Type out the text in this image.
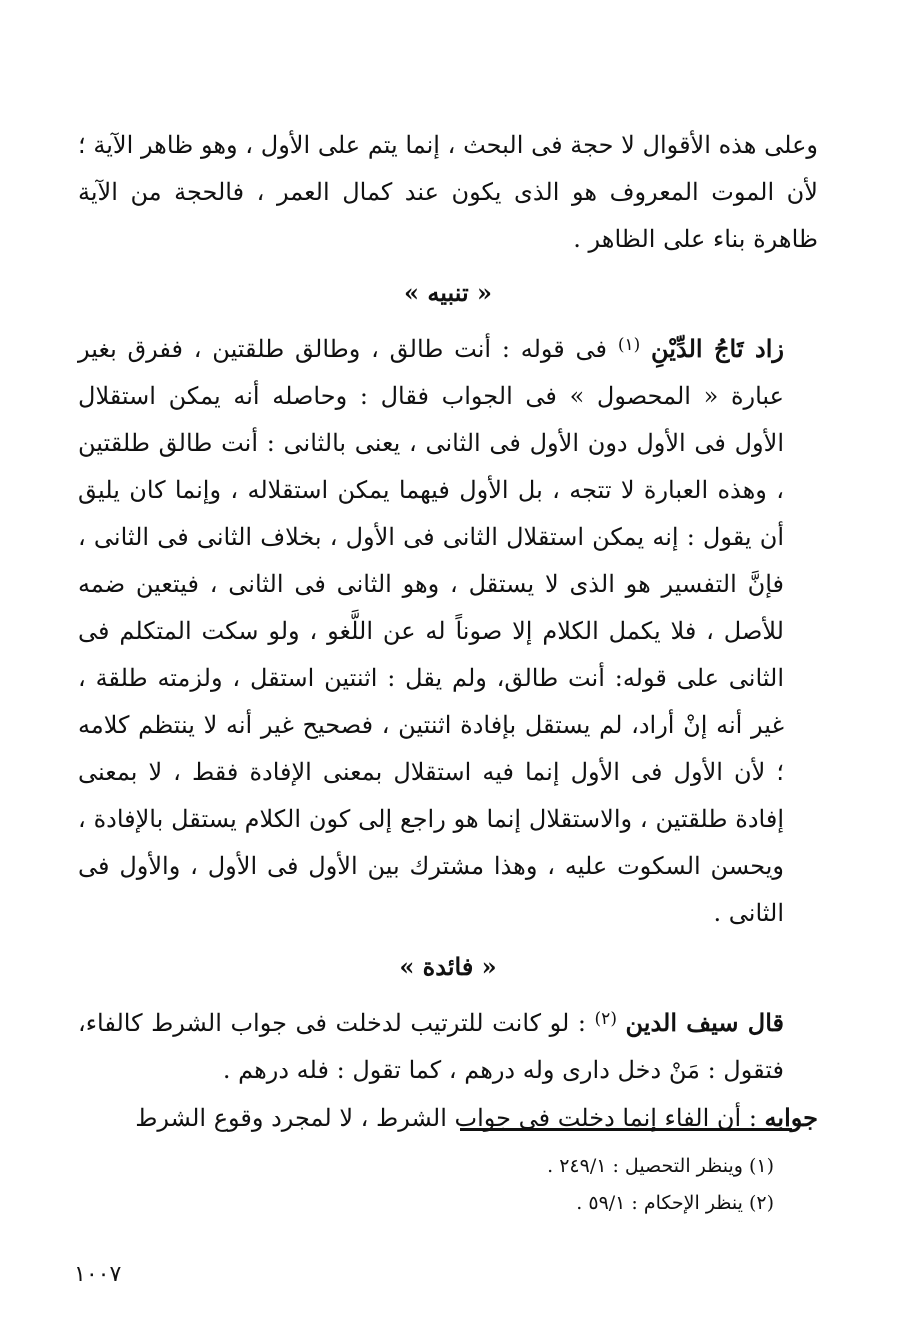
وعلى هذه الأقوال لا حجة فى البحث ، إنما يتم على الأول ، وهو ظاهر الآية ؛ لأن الموت المعروف هو الذى يكون عند كمال العمر ، فالحجة من الآية ظاهرة بناء على الظاهر .

« تنبيه »

زاد تَاجُ الدِّيْنِ $^{(١)}$ فى قوله : أنت طالق ، وطالق طلقتين ، ففرق بغير عبارة « المحصول » فى الجواب فقال : وحاصله أنه يمكن استقلال الأول فى الأول دون الأول فى الثانى ، يعنى بالثانى : أنت طالق طلقتين ، وهذه العبارة لا تتجه ، بل الأول فيهما يمكن استقلاله ، وإنما كان يليق أن يقول : إنه يمكن استقلال الثانى فى الأول ، بخلاف الثانى فى الثانى ، فإنَّ التفسير هو الذى لا يستقل ، وهو الثانى فى الثانى ، فيتعين ضمه للأصل ، فلا يكمل الكلام إلا صوناً له عن اللَّغو ، ولو سكت المتكلم فى الثانى على قوله: أنت طالق، ولم يقل : اثنتين استقل ، ولزمته طلقة ، غير أنه إنْ أراد، لم يستقل بإفادة اثنتين ، فصحيح غير أنه لا ينتظم كلامه ؛ لأن الأول فى الأول إنما فيه استقلال بمعنى الإفادة فقط ، لا بمعنى إفادة طلقتين ، والاستقلال إنما هو راجع إلى كون الكلام يستقل بالإفادة ، ويحسن السكوت عليه ، وهذا مشترك بين الأول فى الأول ، والأول فى الثانى .

« فائدة »

قال سيف الدين $^{(٢)}$ : لو كانت للترتيب لدخلت فى جواب الشرط كالفاء، فتقول : مَنْ دخل دارى وله درهم ، كما تقول : فله درهم .

جوابه : أن الفاء إنما دخلت فى جواب الشرط ، لا لمجرد وقوع الشرط

(١) وينظر التحصيل : ٢٤٩/١ .

(٢) ينظر الإحكام : ٥٩/١ .

١٠٠٧
